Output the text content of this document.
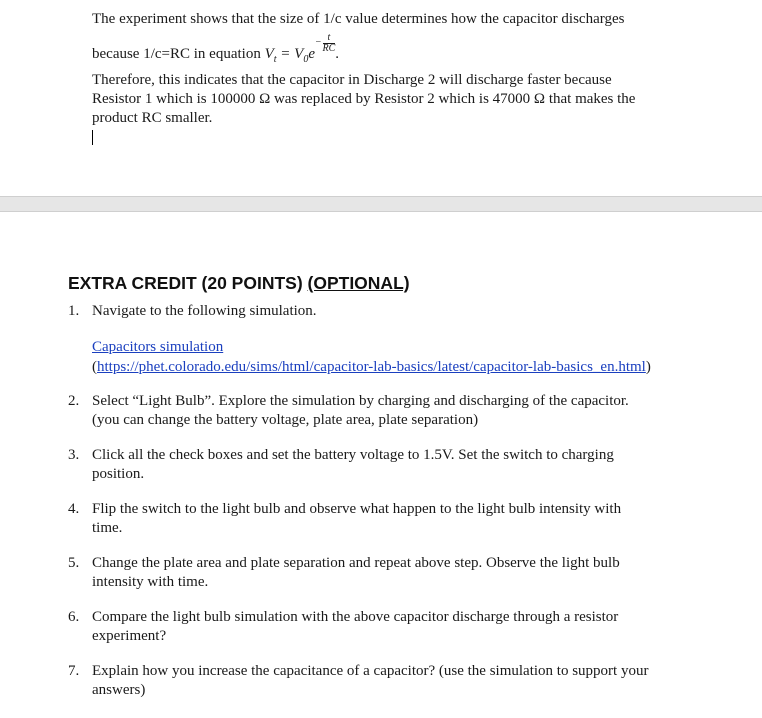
The experiment shows that the size of 1/c value determines how the capacitor discharges
because 1/c=RC in equation $V_t = V_0e$
− t
RC .
Therefore, this indicates that the capacitor in Discharge 2 will discharge faster because
Resistor 1 which is 100000 Ω was replaced by Resistor 2 which is 47000 Ω that makes the
product RC smaller.
EXTRA CREDIT (20 POINTS) (OPTIONAL)
1. Navigate to the following simulation.
Capacitors simulation
(https://phet.colorado.edu/sims/html/capacitor-lab-basics/latest/capacitor-lab-basics_en.html)
2. Select “Light Bulb”. Explore the simulation by charging and discharging of the capacitor.
(you can change the battery voltage, plate area, plate separation)
3. Click all the check boxes and set the battery voltage to 1.5V. Set the switch to charging
position.
4. Flip the switch to the light bulb and observe what happen to the light bulb intensity with
time.
5. Change the plate area and plate separation and repeat above step. Observe the light bulb
intensity with time.
6. Compare the light bulb simulation with the above capacitor discharge through a resistor
experiment?
7. Explain how you increase the capacitance of a capacitor? (use the simulation to support your
answers)
